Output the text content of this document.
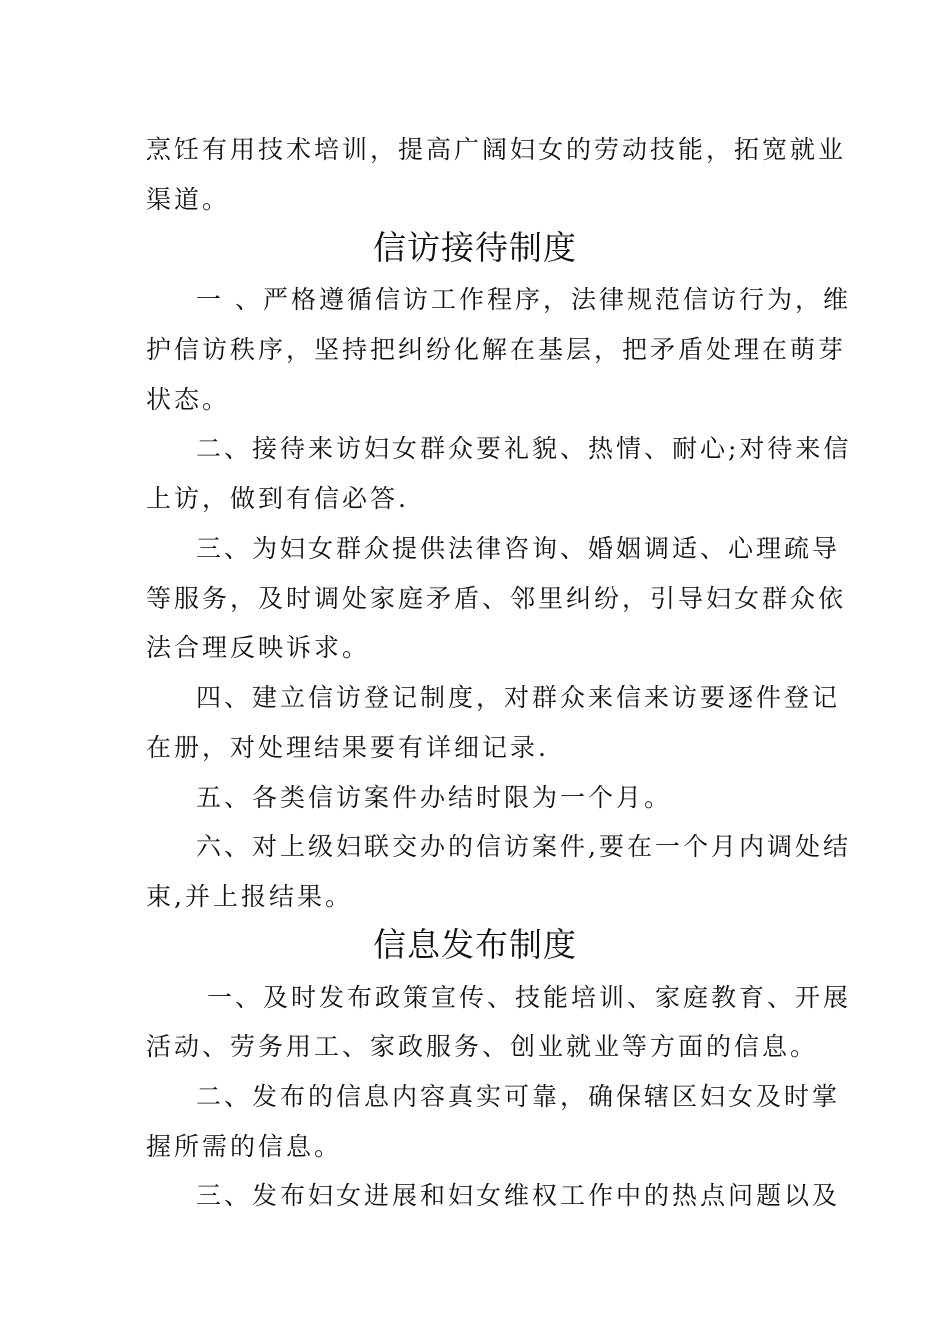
烹饪有用技术培训，提高广阔妇女的劳动技能，拓宽就业
渠道。
信访接待制度
一 、严格遵循信访工作程序，法律规范信访行为，维
护信访秩序，坚持把纠纷化解在基层，把矛盾处理在萌芽
状态。
二、接待来访妇女群众要礼貌、热情、耐心;对待来信
上访，做到有信必答.
三、为妇女群众提供法律咨询、婚姻调适、心理疏导
等服务，及时调处家庭矛盾、邻里纠纷，引导妇女群众依
法合理反映诉求。
四、建立信访登记制度，对群众来信来访要逐件登记
在册，对处理结果要有详细记录.
五、各类信访案件办结时限为一个月。
六、对上级妇联交办的信访案件,要在一个月内调处结
束,并上报结果。
信息发布制度
一、及时发布政策宣传、技能培训、家庭教育、开展
活动、劳务用工、家政服务、创业就业等方面的信息。
二、发布的信息内容真实可靠，确保辖区妇女及时掌
握所需的信息。
三、发布妇女进展和妇女维权工作中的热点问题以及
